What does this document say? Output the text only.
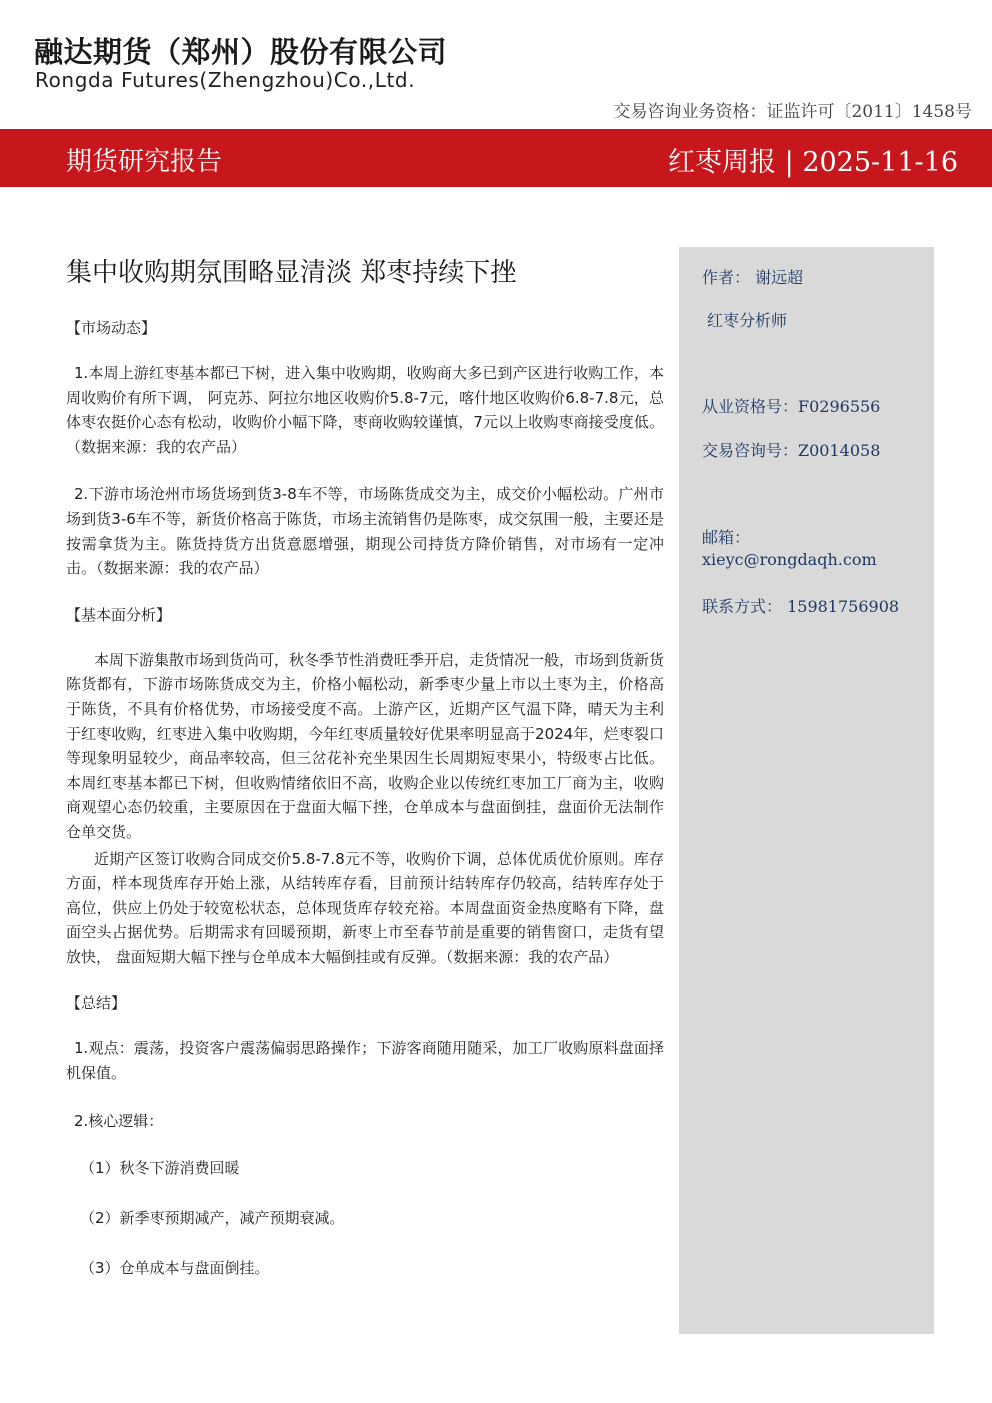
融达期货（郑州）股份有限公司
Rongda Futures(Zhengzhou)Co.,Ltd.
交易咨询业务资格：证监许可〔2011〕1458号
期货研究报告	红枣周报 | 2025-11-16
集中收购期氛围略显清淡 郑枣持续下挫
【市场动态】
1.本周上游红枣基本都已下树，进入集中收购期，收购商大多已到产区进行收购工作，本周收购价有所下调， 阿克苏、阿拉尔地区收购价5.8-7元，喀什地区收购价6.8-7.8元，总体枣农挺价心态有松动，收购价小幅下降，枣商收购较谨慎，7元以上收购枣商接受度低。（数据来源：我的农产品）
2.下游市场沧州市场货场到货3-8车不等，市场陈货成交为主，成交价小幅松动。广州市场到货3-6车不等，新货价格高于陈货，市场主流销售仍是陈枣，成交氛围一般，主要还是按需拿货为主。陈货持货方出货意愿增强，期现公司持货方降价销售，对市场有一定冲击。（数据来源：我的农产品）
【基本面分析】
本周下游集散市场到货尚可，秋冬季节性消费旺季开启，走货情况一般，市场到货新货陈货都有，下游市场陈货成交为主，价格小幅松动，新季枣少量上市以土枣为主，价格高于陈货，不具有价格优势，市场接受度不高。上游产区，近期产区气温下降，晴天为主利于红枣收购，红枣进入集中收购期，今年红枣质量较好优果率明显高于2024年，烂枣裂口等现象明显较少，商品率较高，但三岔花补充坐果因生长周期短枣果小，特级枣占比低。本周红枣基本都已下树，但收购情绪依旧不高，收购企业以传统红枣加工厂商为主，收购商观望心态仍较重，主要原因在于盘面大幅下挫，仓单成本与盘面倒挂，盘面价无法制作仓单交货。
近期产区签订收购合同成交价5.8-7.8元不等，收购价下调，总体优质优价原则。库存方面，样本现货库存开始上涨，从结转库存看，目前预计结转库存仍较高，结转库存处于高位，供应上仍处于较宽松状态，总体现货库存较充裕。本周盘面资金热度略有下降，盘面空头占据优势。后期需求有回暖预期，新枣上市至春节前是重要的销售窗口，走货有望放快， 盘面短期大幅下挫与仓单成本大幅倒挂或有反弹。（数据来源：我的农产品）
【总结】
1.观点：震荡，投资客户震荡偏弱思路操作；下游客商随用随采，加工厂收购原料盘面择机保值。
2.核心逻辑：
（1）秋冬下游消费回暖
（2）新季枣预期减产，减产预期衰减。
（3）仓单成本与盘面倒挂。
作者： 谢远超
红枣分析师
从业资格号：F0296556
交易咨询号：Z0014058
邮箱：
xieyc@rongdaqh.com
联系方式： 15981756908
